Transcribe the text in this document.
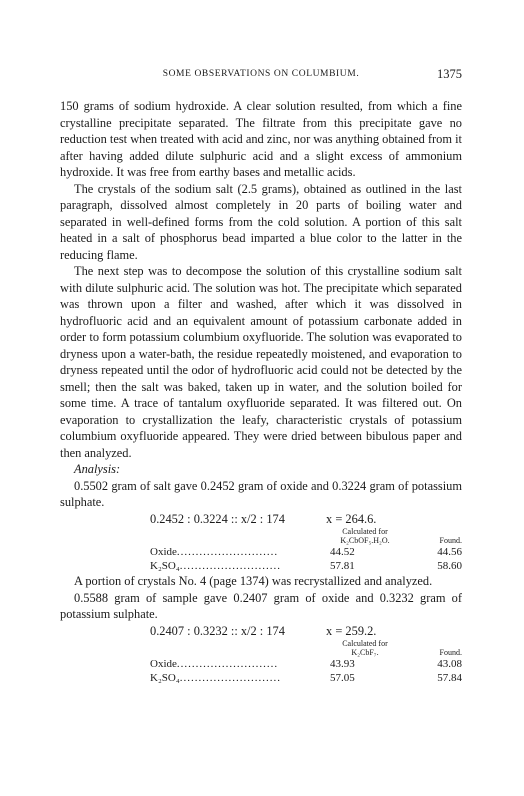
SOME OBSERVATIONS ON COLUMBIUM.	1375

150 grams of sodium hydroxide. A clear solution resulted, from which a fine crystalline precipitate separated. The filtrate from this precipitate gave no reduction test when treated with acid and zinc, nor was anything obtained from it after having added dilute sulphuric acid and a slight excess of ammonium hydroxide. It was free from earthy bases and metallic acids.

The crystals of the sodium salt (2.5 grams), obtained as outlined in the last paragraph, dissolved almost completely in 20 parts of boiling water and separated in well-defined forms from the cold solution. A portion of this salt heated in a salt of phosphorus bead imparted a blue color to the latter in the reducing flame.

The next step was to decompose the solution of this crystalline sodium salt with dilute sulphuric acid. The solution was hot. The precipitate which separated was thrown upon a filter and washed, after which it was dissolved in hydrofluoric acid and an equivalent amount of potassium carbonate added in order to form potassium columbium oxyfluoride. The solution was evaporated to dryness upon a water-bath, the residue repeatedly moistened, and evaporation to dryness repeated until the odor of hydrofluoric acid could not be detected by the smell; then the salt was baked, taken up in water, and the solution boiled for some time. A trace of tantalum oxyfluoride separated. It was filtered out. On evaporation to crystallization the leafy, characteristic crystals of potassium columbium oxyfluoride appeared. They were dried between bibulous paper and then analyzed.

Analysis:

0.5502 gram of salt gave 0.2452 gram of oxide and 0.3224 gram of potassium sulphate.

0.2452 : 0.3224 :: x/2 : 174	x = 264.6.

	Calculated for
K₂CbOF₅.H₂O.	Found.

Oxide...........................	44.52	44.56
K₂SO₄...........................	57.81	58.60

A portion of crystals No. 4 (page 1374) was recrystallized and analyzed.

0.5588 gram of sample gave 0.2407 gram of oxide and 0.3232 gram of potassium sulphate.

0.2407 : 0.3232 :: x/2 : 174	x = 259.2.

	Calculated for
K₂CbF₇.	Found.

Oxide...........................	43.93	43.08
K₂SO₄...........................	57.05	57.84
